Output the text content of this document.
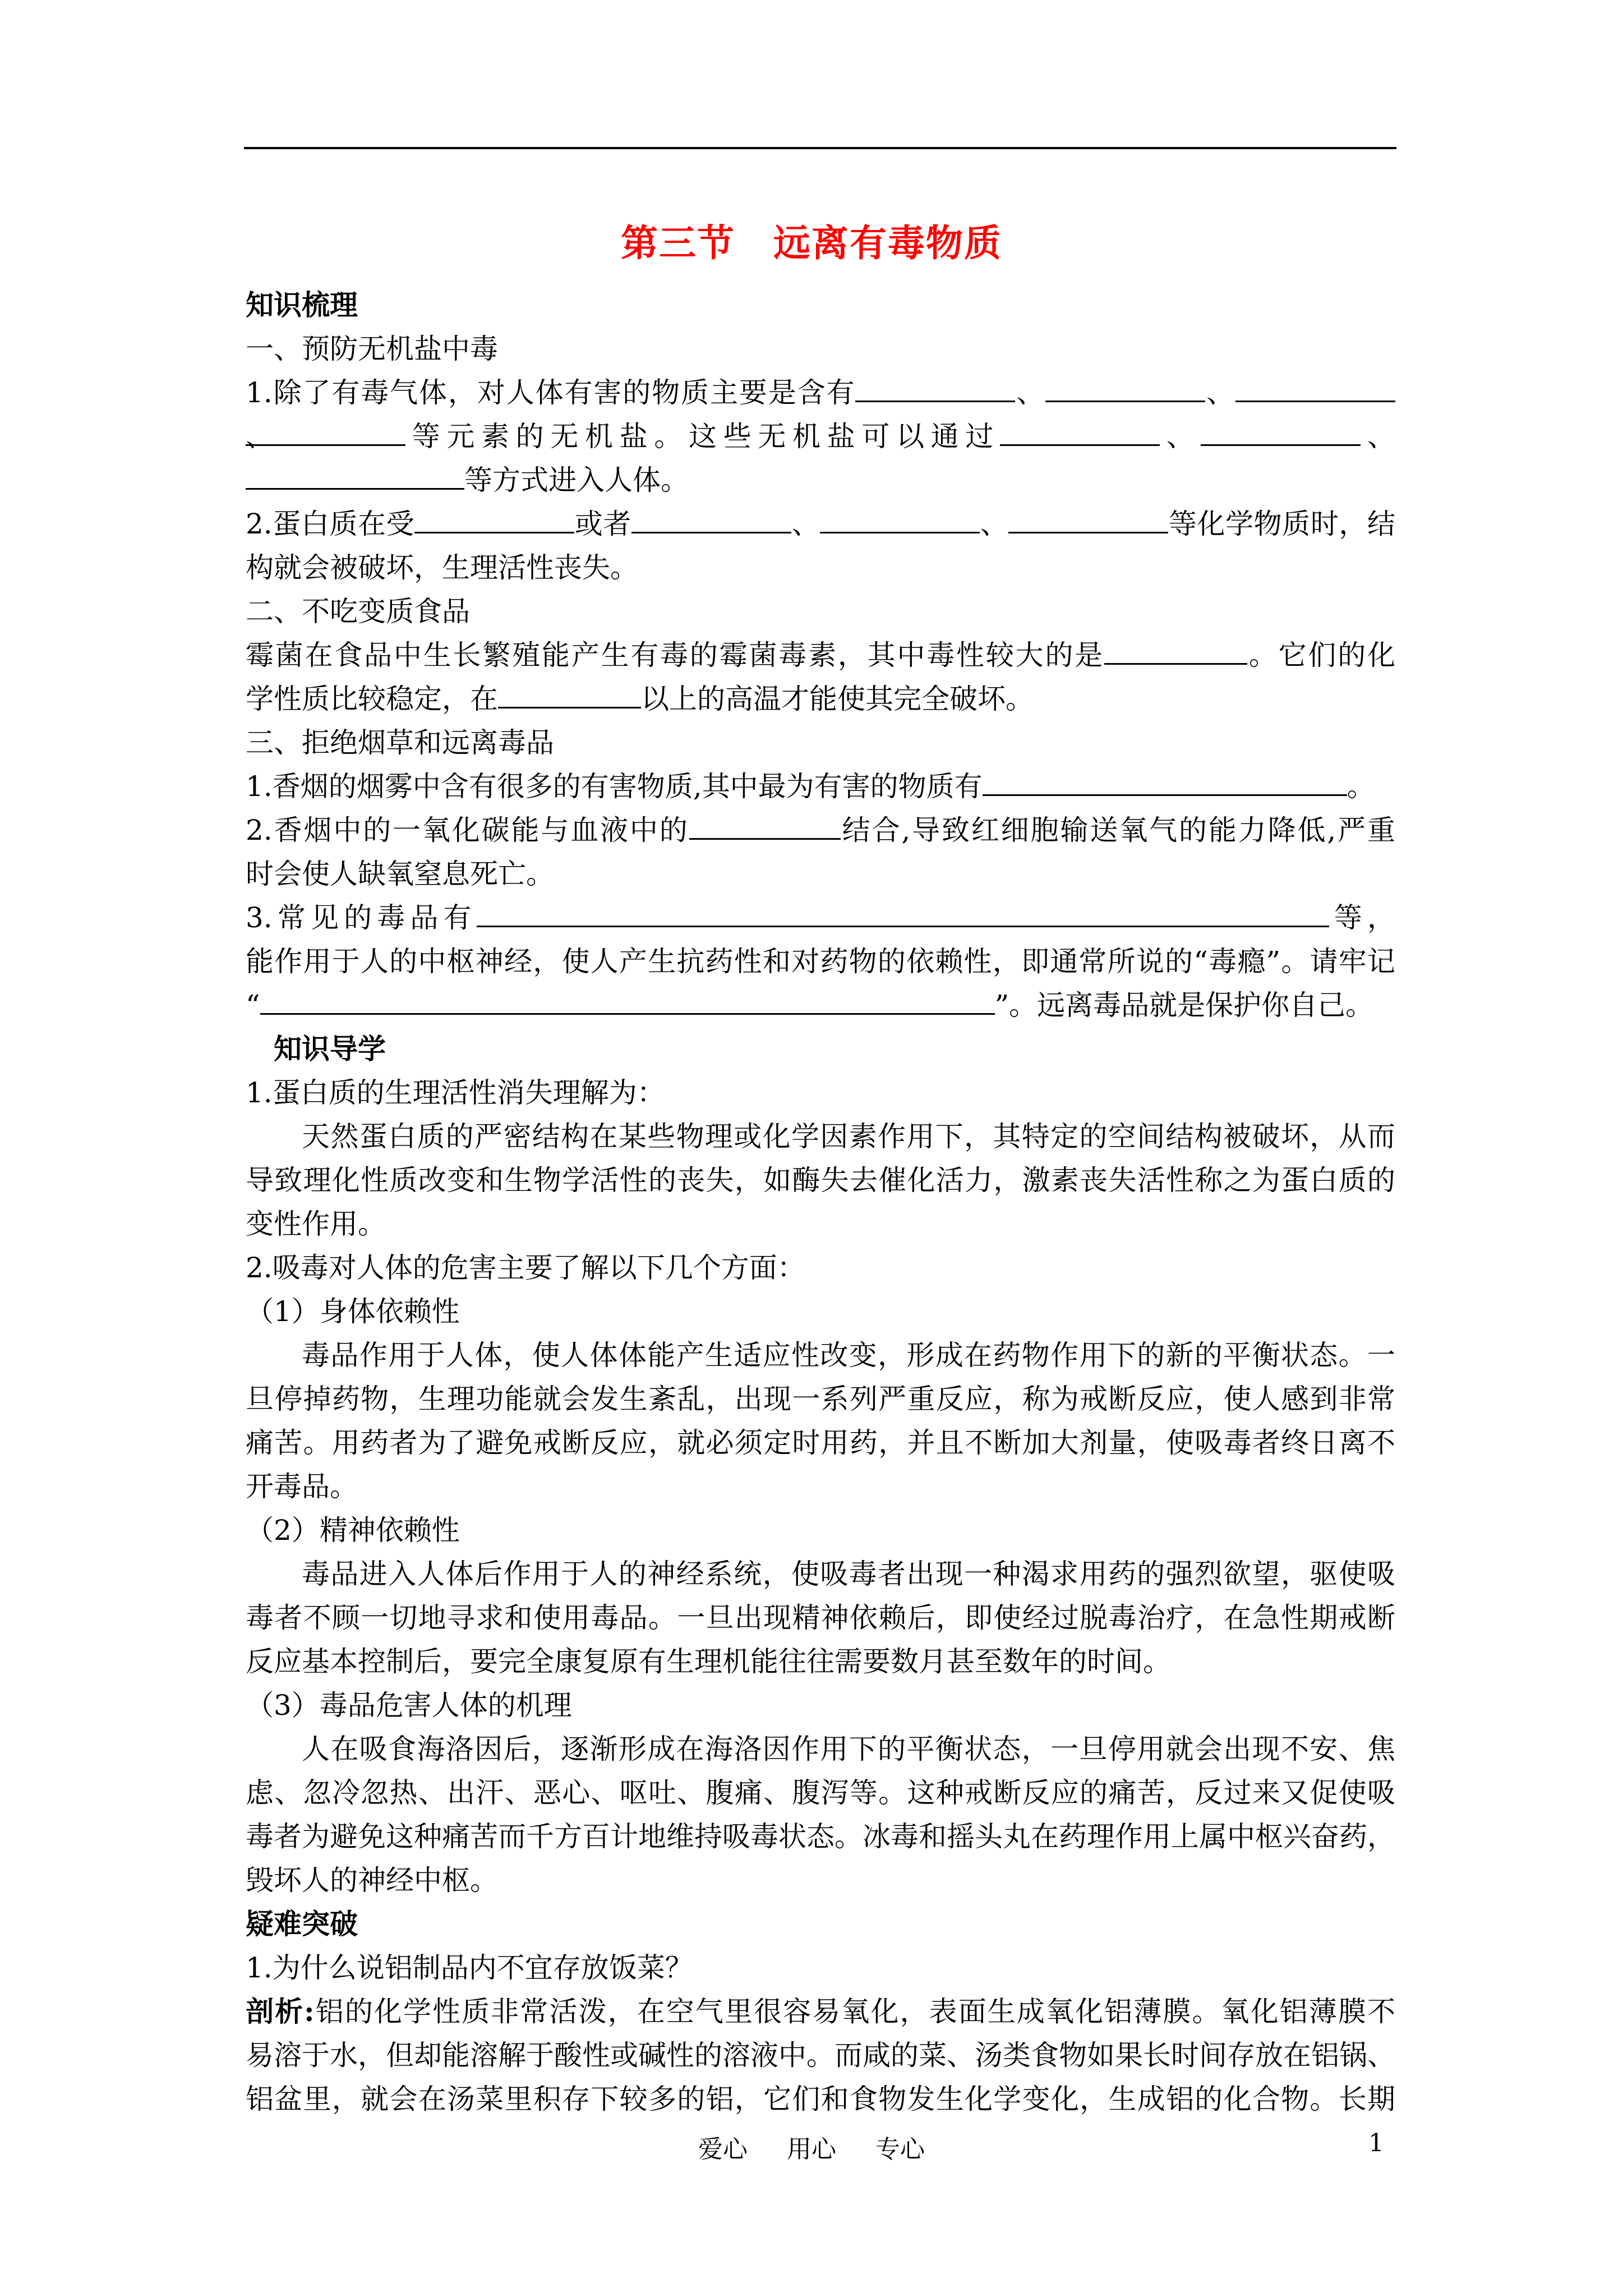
第三节　远离有毒物质
知识梳理
一、预防无机盐中毒
1.除了有毒气体，对人体有害的物质主要是含有	、	、、	等元素的无机盐。这些无机盐可以通过	、	、
等方式进入人体。
2.蛋白质在受	或者	、	、	等化学物质时，结
构就会被破坏，生理活性丧失。
二、不吃变质食品
霉菌在食品中生长繁殖能产生有毒的霉菌毒素，其中毒性较大的是	。它们的化
学性质比较稳定，在	以上的高温才能使其完全破坏。
三、拒绝烟草和远离毒品
1.香烟的烟雾中含有很多的有害物质,其中最为有害的物质有	。
2.香烟中的一氧化碳能与血液中的	结合,导致红细胞输送氧气的能力降低,严重
时会使人缺氧窒息死亡。
3.常见的毒品有	等，
能作用于人的中枢神经，使人产生抗药性和对药物的依赖性，即通常所说的“毒瘾”。请牢记
“	”。远离毒品就是保护你自己。
知识导学
1.蛋白质的生理活性消失理解为：
天然蛋白质的严密结构在某些物理或化学因素作用下，其特定的空间结构被破坏，从而
导致理化性质改变和生物学活性的丧失，如酶失去催化活力，激素丧失活性称之为蛋白质的
变性作用。
2.吸毒对人体的危害主要了解以下几个方面：
（1）身体依赖性
毒品作用于人体，使人体体能产生适应性改变，形成在药物作用下的新的平衡状态。一
旦停掉药物，生理功能就会发生紊乱，出现一系列严重反应，称为戒断反应，使人感到非常
痛苦。用药者为了避免戒断反应，就必须定时用药，并且不断加大剂量，使吸毒者终日离不
开毒品。
（2）精神依赖性
毒品进入人体后作用于人的神经系统，使吸毒者出现一种渴求用药的强烈欲望，驱使吸
毒者不顾一切地寻求和使用毒品。一旦出现精神依赖后，即使经过脱毒治疗，在急性期戒断
反应基本控制后，要完全康复原有生理机能往往需要数月甚至数年的时间。
（3）毒品危害人体的机理
人在吸食海洛因后，逐渐形成在海洛因作用下的平衡状态，一旦停用就会出现不安、焦
虑、忽冷忽热、出汗、恶心、呕吐、腹痛、腹泻等。这种戒断反应的痛苦，反过来又促使吸
毒者为避免这种痛苦而千方百计地维持吸毒状态。冰毒和摇头丸在药理作用上属中枢兴奋药，
毁坏人的神经中枢。
疑难突破
1.为什么说铝制品内不宜存放饭菜？
剖析:铝的化学性质非常活泼，在空气里很容易氧化，表面生成氧化铝薄膜。氧化铝薄膜不
易溶于水，但却能溶解于酸性或碱性的溶液中。而咸的菜、汤类食物如果长时间存放在铝锅、
铝盆里，就会在汤菜里积存下较多的铝，它们和食物发生化学变化，生成铝的化合物。长期
爱心 用心 专心	1
